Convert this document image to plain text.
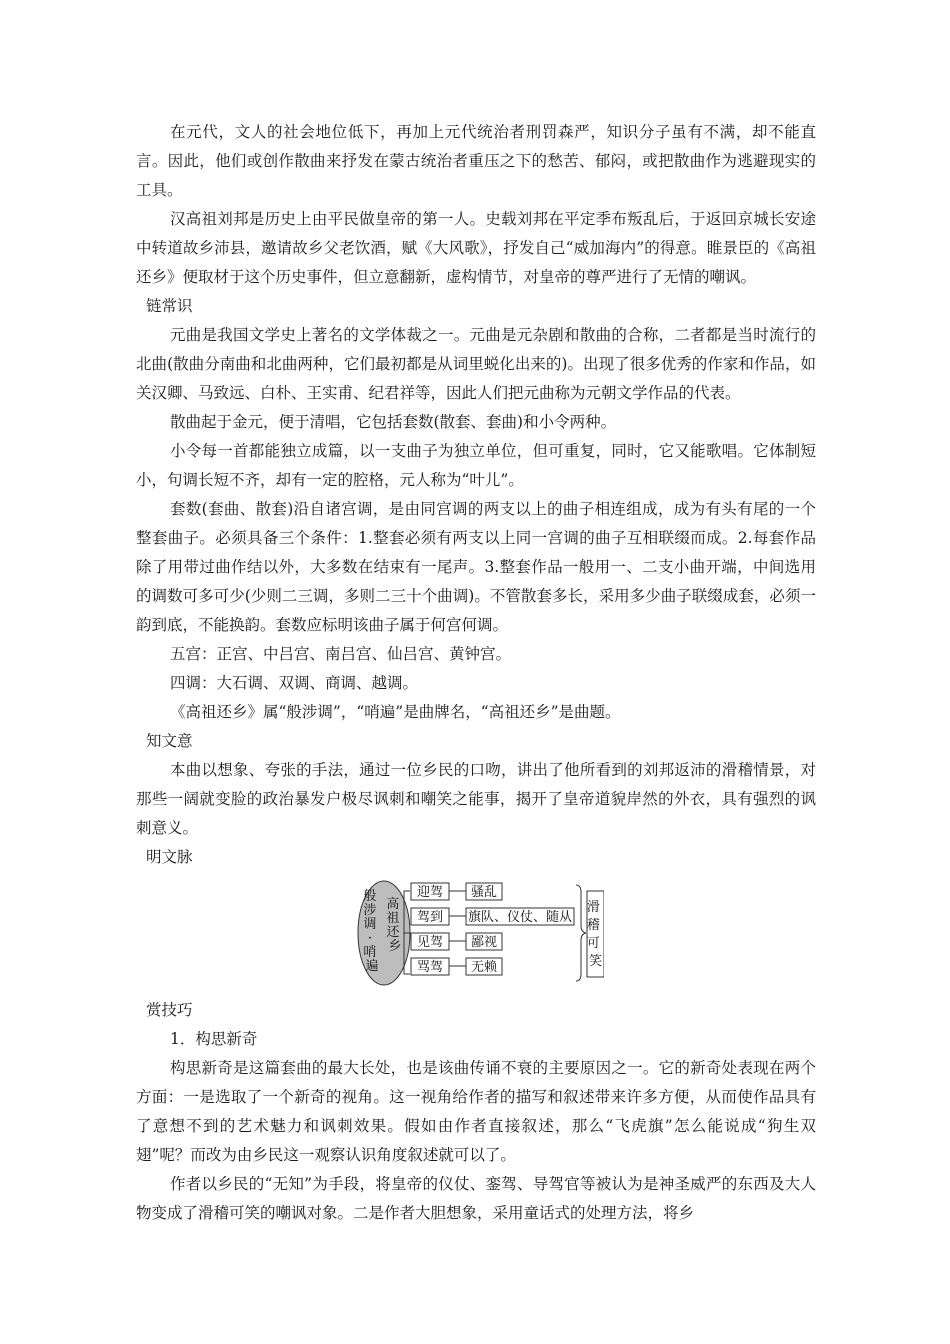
在元代，文人的社会地位低下，再加上元代统治者刑罚森严，知识分子虽有不满，却不能直言。因此，他们或创作散曲来抒发在蒙古统治者重压之下的愁苦、郁闷，或把散曲作为逃避现实的工具。

汉高祖刘邦是历史上由平民做皇帝的第一人。史载刘邦在平定季布叛乱后，于返回京城长安途中转道故乡沛县，邀请故乡父老饮酒，赋《大风歌》，抒发自己“威加海内”的得意。睢景臣的《高祖还乡》便取材于这个历史事件，但立意翻新，虚构情节，对皇帝的尊严进行了无情的嘲讽。

链常识

元曲是我国文学史上著名的文学体裁之一。元曲是元杂剧和散曲的合称，二者都是当时流行的北曲(散曲分南曲和北曲两种，它们最初都是从词里蜕化出来的)。出现了很多优秀的作家和作品，如关汉卿、马致远、白朴、王实甫、纪君祥等，因此人们把元曲称为元朝文学作品的代表。

散曲起于金元，便于清唱，它包括套数(散套、套曲)和小令两种。

小令每一首都能独立成篇，以一支曲子为独立单位，但可重复，同时，它又能歌唱。它体制短小，句调长短不齐，却有一定的腔格，元人称为“叶儿”。

套数(套曲、散套)沿自诸宫调，是由同宫调的两支以上的曲子相连组成，成为有头有尾的一个整套曲子。必须具备三个条件：1.整套必须有两支以上同一宫调的曲子互相联缀而成。2.每套作品除了用带过曲作结以外，大多数在结束有一尾声。3.整套作品一般用一、二支小曲开端，中间选用的调数可多可少(少则二三调，多则二三十个曲调)。不管散套多长，采用多少曲子联缀成套，必须一韵到底，不能换韵。套数应标明该曲子属于何宫何调。

五宫：正宫、中吕宫、南吕宫、仙吕宫、黄钟宫。

四调：大石调、双调、商调、越调。

《高祖还乡》属“般涉调”，“哨遍”是曲牌名，“高祖还乡”是曲题。

知文意

本曲以想象、夸张的手法，通过一位乡民的口吻，讲出了他所看到的刘邦返沛的滑稽情景，对那些一阔就变脸的政治暴发户极尽讽刺和嘲笑之能事，揭开了皇帝道貌岸然的外衣，具有强烈的讽刺意义。

明文脉

般 涉 调 · 哨 遍
高 祖 还 乡
迎驾 骚乱
驾到 旗队、仪仗、随从
见驾 鄙视
骂驾 无赖
滑 稽 可 笑

赏技巧

1．构思新奇

构思新奇是这篇套曲的最大长处，也是该曲传诵不衰的主要原因之一。它的新奇处表现在两个方面：一是选取了一个新奇的视角。这一视角给作者的描写和叙述带来许多方便，从而使作品具有了意想不到的艺术魅力和讽刺效果。假如由作者直接叙述，那么“飞虎旗”怎么能说成“狗生双翅”呢？而改为由乡民这一观察认识角度叙述就可以了。

作者以乡民的“无知”为手段，将皇帝的仪仗、銮驾、导驾官等被认为是神圣威严的东西及大人物变成了滑稽可笑的嘲讽对象。二是作者大胆想象，采用童话式的处理方法，将乡
